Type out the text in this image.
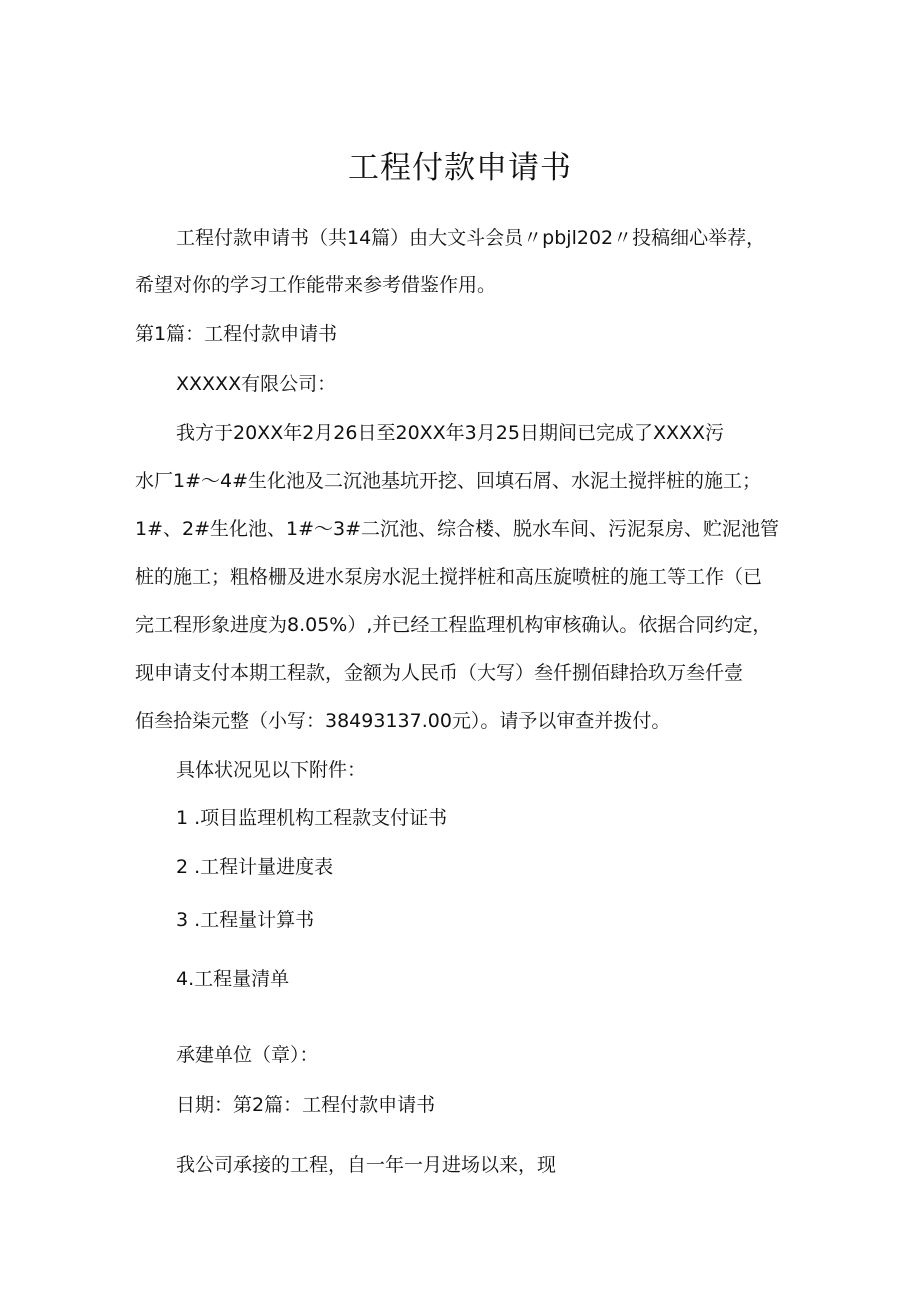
工程付款申请书
工程付款申请书（共14篇）由大文斗会员〃pbjl202〃投稿细心举荐，
希望对你的学习工作能带来参考借鉴作用。
第1篇：工程付款申请书
XXXXX有限公司：
我方于20XX年2月26日至20XX年3月25日期间已完成了XXXX污
水厂1#～4#生化池及二沉池基坑开挖、回填石屑、水泥土搅拌桩的施工；
1#、2#生化池、1#～3#二沉池、综合楼、脱水车间、污泥泵房、贮泥池管
桩的施工；粗格栅及进水泵房水泥土搅拌桩和高压旋喷桩的施工等工作（已
完工程形象进度为8.05%）,并已经工程监理机构审核确认。依据合同约定，
现申请支付本期工程款，金额为人民币（大写）叁仟捌佰肆拾玖万叁仟壹
佰叁拾柒元整（小写：38493137.00元）。请予以审查并拨付。
具体状况见以下附件：
1 .项目监理机构工程款支付证书
2 .工程计量进度表
3 .工程量计算书
4.工程量清单
承建单位（章）：
日期：第2篇：工程付款申请书
我公司承接的工程，自一年一月进场以来，现
